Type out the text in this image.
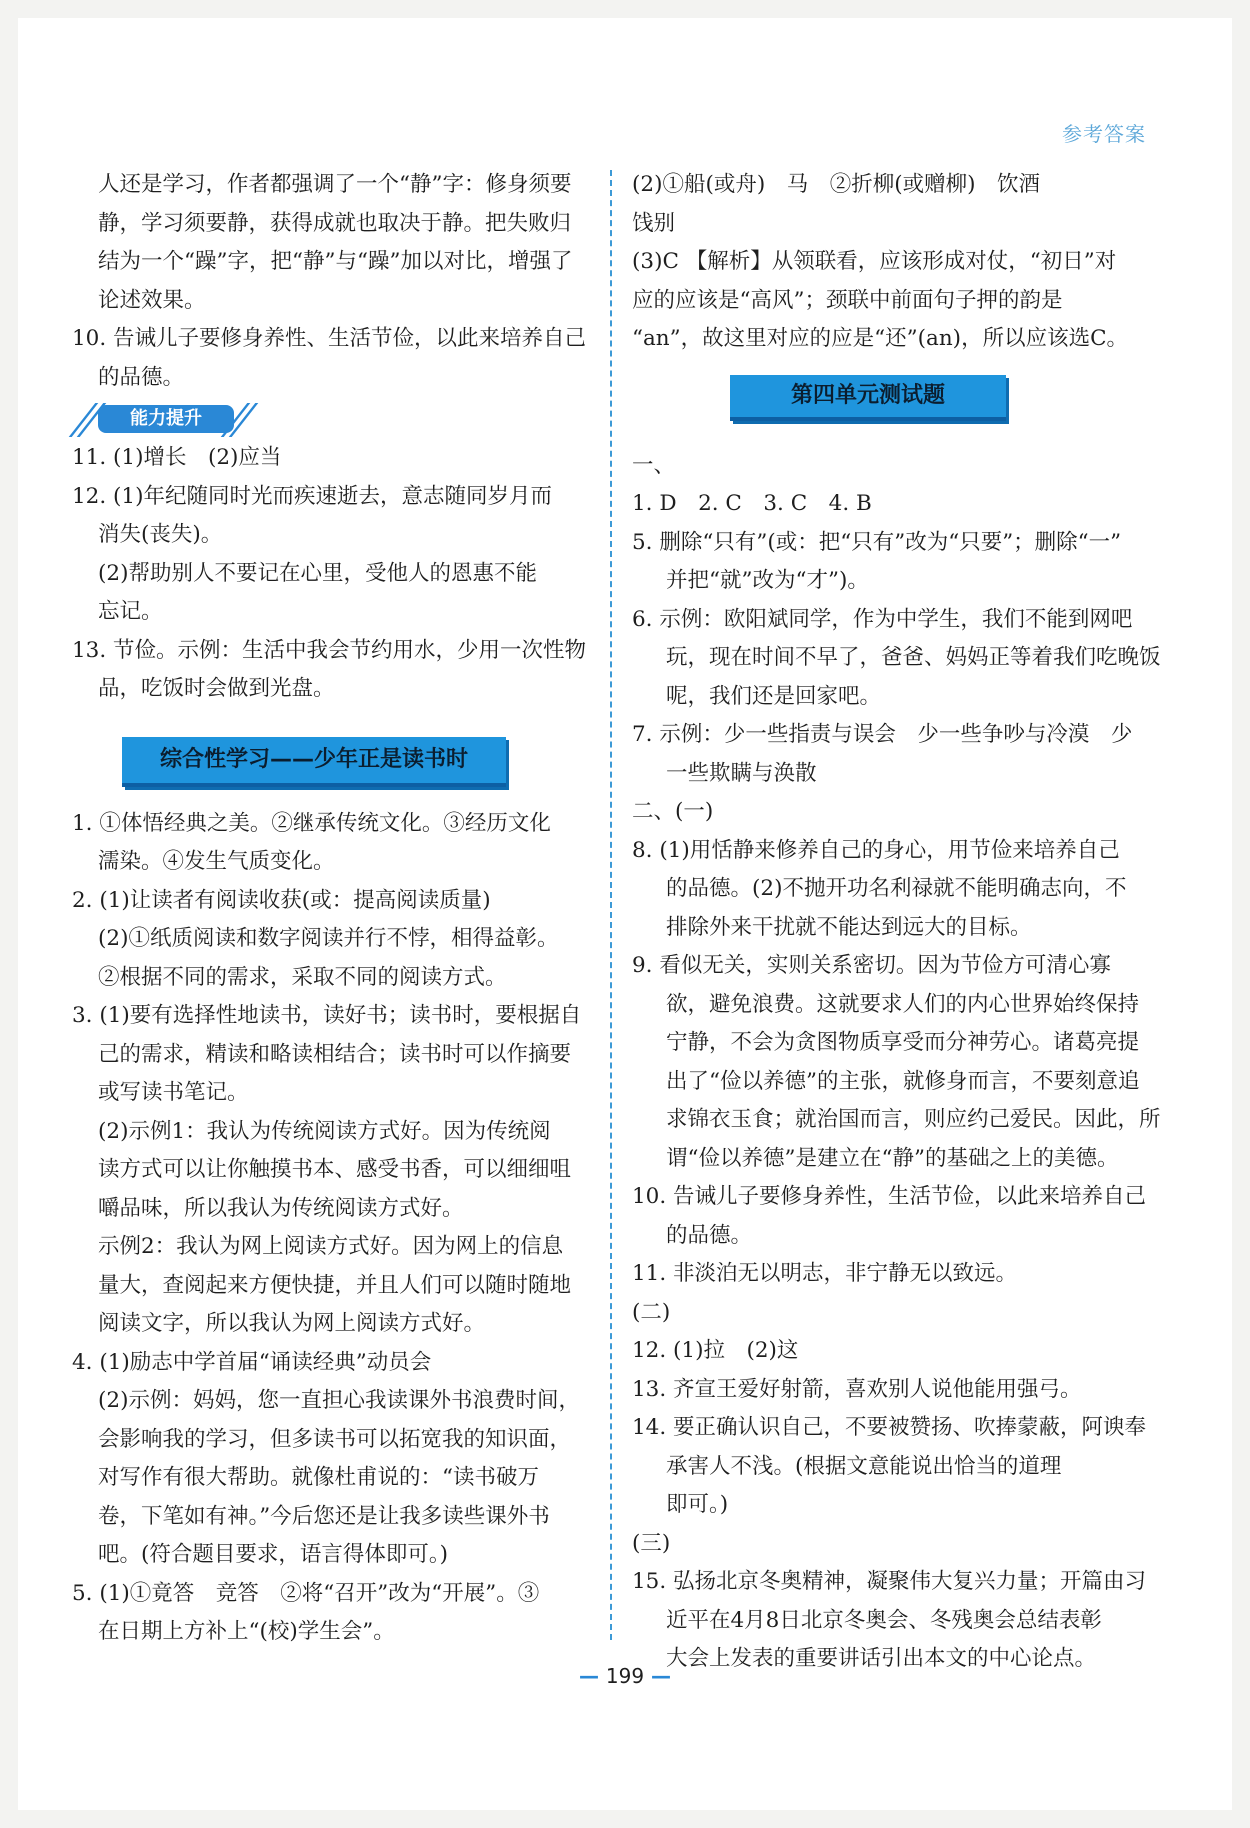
参考答案
人还是学习，作者都强调了一个“静”字：修身须要
静，学习须要静，获得成就也取决于静。把失败归
结为一个“躁”字，把“静”与“躁”加以对比，增强了
论述效果。
10. 告诫儿子要修身养性、生活节俭，以此来培养自己
的品德。
能力提升
11. (1)增长　(2)应当
12. (1)年纪随同时光而疾速逝去，意志随同岁月而
消失(丧失)。
(2)帮助别人不要记在心里，受他人的恩惠不能
忘记。
13. 节俭。示例：生活中我会节约用水，少用一次性物
品，吃饭时会做到光盘。
综合性学习——少年正是读书时
1. ①体悟经典之美。②继承传统文化。③经历文化
濡染。④发生气质变化。
2. (1)让读者有阅读收获(或：提高阅读质量)
(2)①纸质阅读和数字阅读并行不悖，相得益彰。
②根据不同的需求，采取不同的阅读方式。
3. (1)要有选择性地读书，读好书；读书时，要根据自
己的需求，精读和略读相结合；读书时可以作摘要
或写读书笔记。
(2)示例1：我认为传统阅读方式好。因为传统阅
读方式可以让你触摸书本、感受书香，可以细细咀
嚼品味，所以我认为传统阅读方式好。
示例2：我认为网上阅读方式好。因为网上的信息
量大，查阅起来方便快捷，并且人们可以随时随地
阅读文字，所以我认为网上阅读方式好。
4. (1)励志中学首届“诵读经典”动员会
(2)示例：妈妈，您一直担心我读课外书浪费时间，
会影响我的学习，但多读书可以拓宽我的知识面，
对写作有很大帮助。就像杜甫说的：“读书破万
卷，下笔如有神。”今后您还是让我多读些课外书
吧。(符合题目要求，语言得体即可。)
5. (1)①竟答　竞答　②将“召开”改为“开展”。③
在日期上方补上“(校)学生会”。
(2)①船(或舟)　马　②折柳(或赠柳)　饮酒
饯别
(3)C 【解析】从领联看，应该形成对仗，“初日”对
应的应该是“高风”；颈联中前面句子押的韵是
“an”，故这里对应的应是“还”(an)，所以应该选C。
第四单元测试题
一、
1. D　2. C　3. C　4. B
5. 删除“只有”(或：把“只有”改为“只要”；删除“一”
并把“就”改为“才”)。
6. 示例：欧阳斌同学，作为中学生，我们不能到网吧
玩，现在时间不早了，爸爸、妈妈正等着我们吃晚饭
呢，我们还是回家吧。
7. 示例：少一些指责与误会　少一些争吵与冷漠　少
一些欺瞒与涣散
二、(一)
8. (1)用恬静来修养自己的身心，用节俭来培养自己
的品德。(2)不抛开功名利禄就不能明确志向，不
排除外来干扰就不能达到远大的目标。
9. 看似无关，实则关系密切。因为节俭方可清心寡
欲，避免浪费。这就要求人们的内心世界始终保持
宁静，不会为贪图物质享受而分神劳心。诸葛亮提
出了“俭以养德”的主张，就修身而言，不要刻意追
求锦衣玉食；就治国而言，则应约己爱民。因此，所
谓“俭以养德”是建立在“静”的基础之上的美德。
10. 告诫儿子要修身养性，生活节俭，以此来培养自己
的品德。
11. 非淡泊无以明志，非宁静无以致远。
(二)
12. (1)拉　(2)这
13. 齐宣王爱好射箭，喜欢别人说他能用强弓。
14. 要正确认识自己，不要被赞扬、吹捧蒙蔽，阿谀奉
承害人不浅。(根据文意能说出恰当的道理
即可。)
(三)
15. 弘扬北京冬奥精神，凝聚伟大复兴力量；开篇由习
近平在4月8日北京冬奥会、冬残奥会总结表彰
大会上发表的重要讲话引出本文的中心论点。
— 199 —
